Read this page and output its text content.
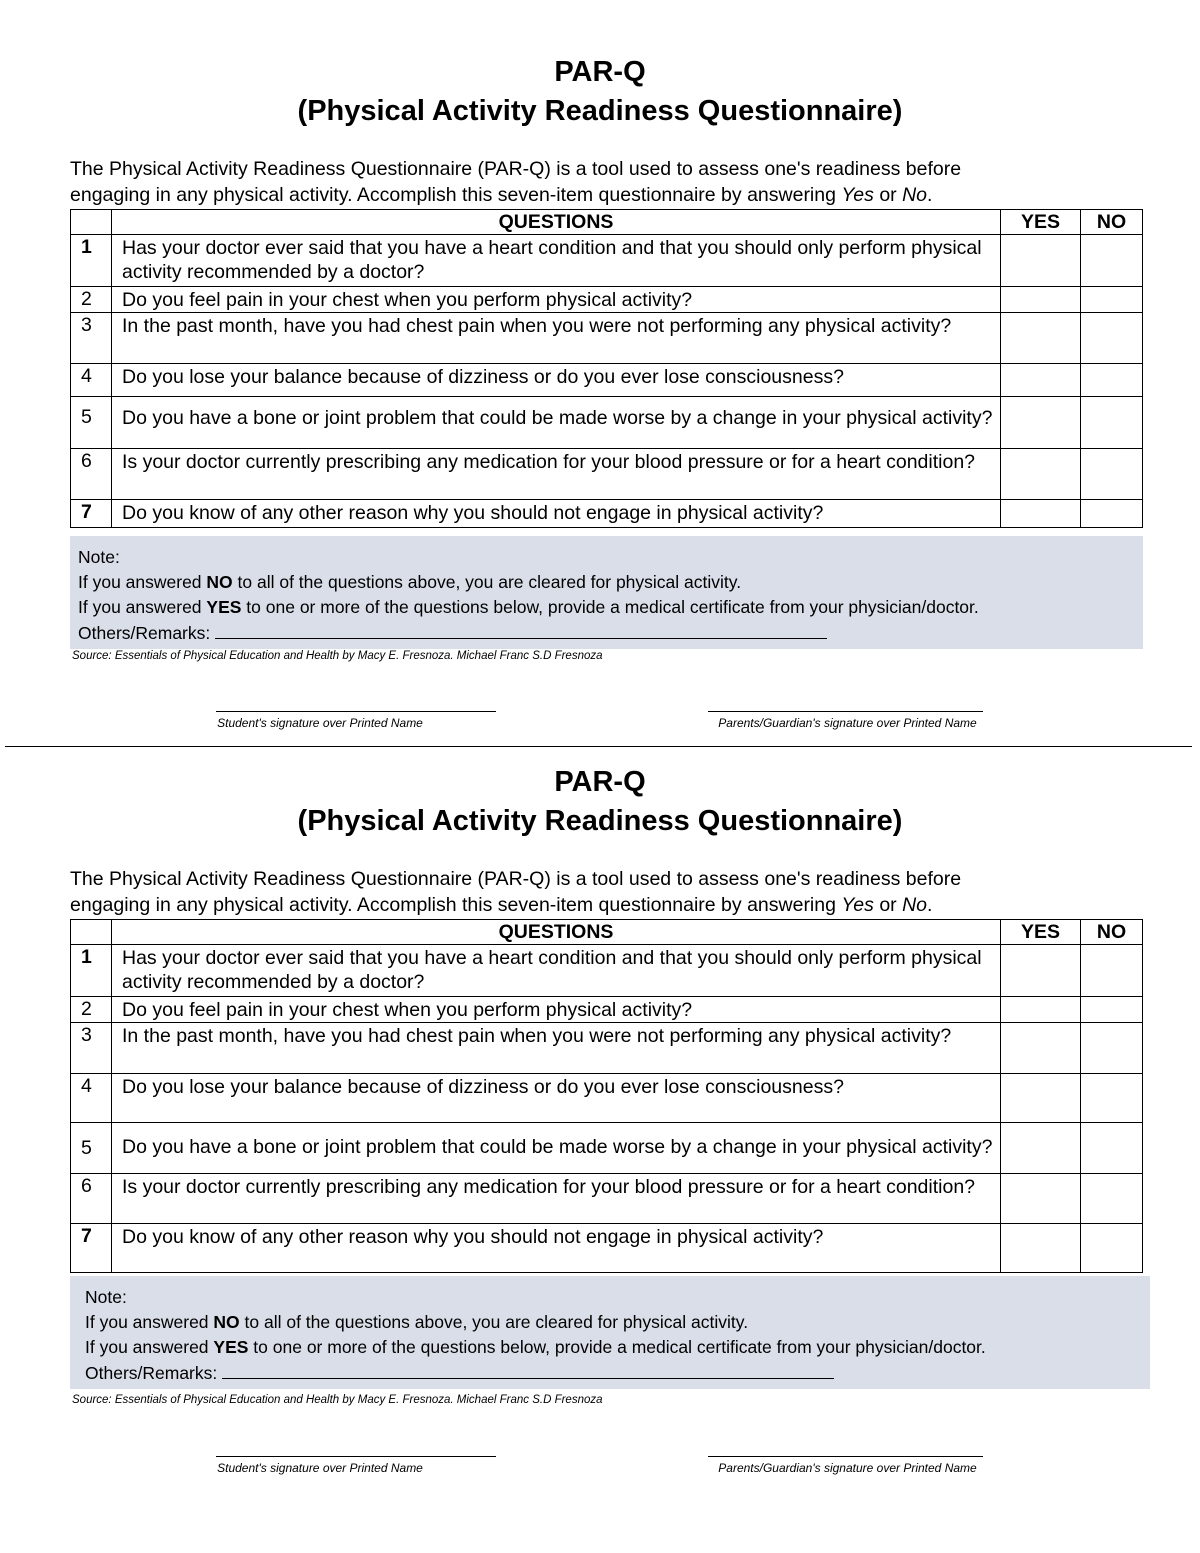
PAR-Q
(Physical Activity Readiness Questionnaire)
The Physical Activity Readiness Questionnaire (PAR-Q) is a tool used to assess one's readiness before
engaging in any physical activity. Accomplish this seven-item questionnaire by answering Yes or No.
	QUESTIONS	YES	NO
1	Has your doctor ever said that you have a heart condition and that you should only perform physical activity recommended by a doctor?		
2	Do you feel pain in your chest when you perform physical activity?		
3	In the past month, have you had chest pain when you were not performing any physical activity?		
4	Do you lose your balance because of dizziness or do you ever lose consciousness?		
5	Do you have a bone or joint problem that could be made worse by a change in your physical activity?		
6	Is your doctor currently prescribing any medication for your blood pressure or for a heart condition?		
7	Do you know of any other reason why you should not engage in physical activity?		
Note:
If you answered NO to all of the questions above, you are cleared for physical activity.
If you answered YES to one or more of the questions below, provide a medical certificate from your physician/doctor.
Others/Remarks:
Source: Essentials of Physical Education and Health by Macy E. Fresnoza. Michael Franc S.D Fresnoza
Student's signature over Printed Name	Parents/Guardian's signature over Printed Name
PAR-Q
(Physical Activity Readiness Questionnaire)
The Physical Activity Readiness Questionnaire (PAR-Q) is a tool used to assess one's readiness before
engaging in any physical activity. Accomplish this seven-item questionnaire by answering Yes or No.
	QUESTIONS	YES	NO
1	Has your doctor ever said that you have a heart condition and that you should only perform physical activity recommended by a doctor?		
2	Do you feel pain in your chest when you perform physical activity?		
3	In the past month, have you had chest pain when you were not performing any physical activity?		
4	Do you lose your balance because of dizziness or do you ever lose consciousness?		
5	Do you have a bone or joint problem that could be made worse by a change in your physical activity?		
6	Is your doctor currently prescribing any medication for your blood pressure or for a heart condition?		
7	Do you know of any other reason why you should not engage in physical activity?		
Note:
If you answered NO to all of the questions above, you are cleared for physical activity.
If you answered YES to one or more of the questions below, provide a medical certificate from your physician/doctor.
Others/Remarks:
Source: Essentials of Physical Education and Health by Macy E. Fresnoza. Michael Franc S.D Fresnoza
Student's signature over Printed Name	Parents/Guardian's signature over Printed Name
